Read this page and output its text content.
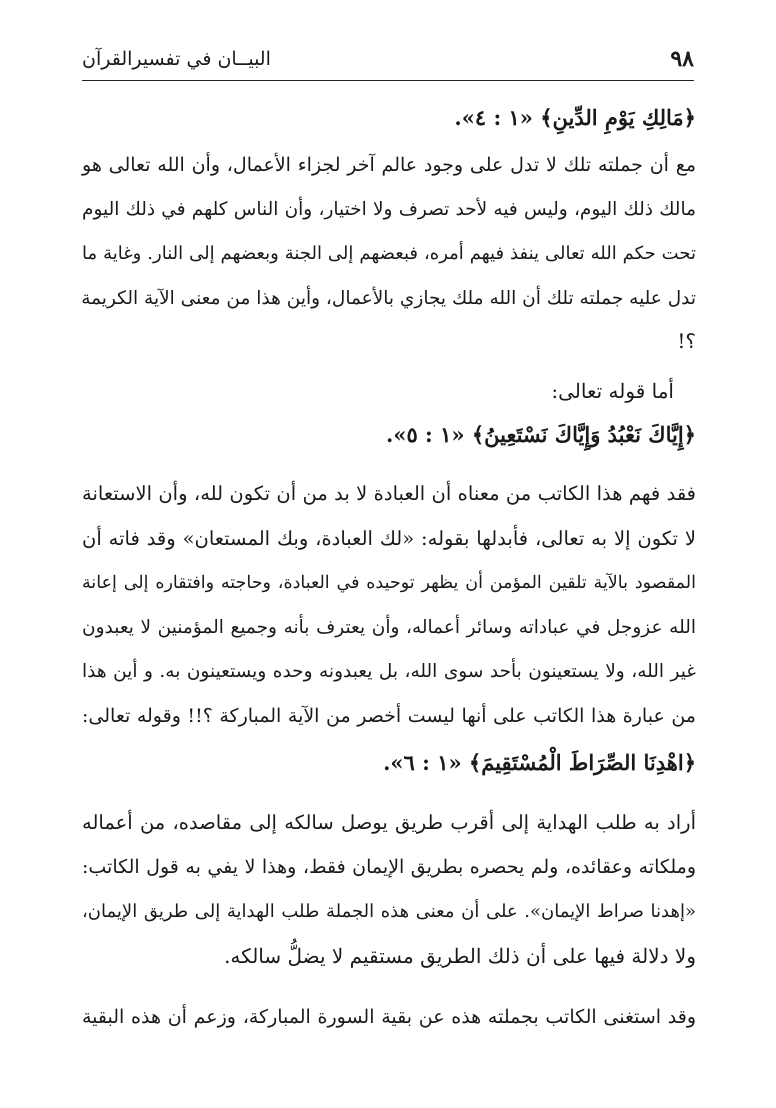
٩٨
البيــان في تفسيرالقرآن
﴿مَالِكِ يَوْمِ الدِّينِ﴾ «١ : ٤».
مع أن جملته تلك لا تدل على وجود عالم آخر لجزاء الأعمال، وأن الله تعالى هو
مالك ذلك اليوم، وليس فيه لأحد تصرف ولا اختيار، وأن الناس كلهم في ذلك اليوم
تحت حكم الله تعالى ينفذ فيهم أمره، فبعضهم إلى الجنة وبعضهم إلى النار. وغاية ما
تدل عليه جملته تلك أن الله ملك يجازي بالأعمال، وأين هذا من معنى الآية الكريمة
؟!
أما قوله تعالى:
﴿إِيَّاكَ نَعْبُدُ وَإِيَّاكَ نَسْتَعِينُ﴾ «١ : ٥».
فقد فهم هذا الكاتب من معناه أن العبادة لا بد من أن تكون لله، وأن الاستعانة
لا تكون إلا به تعالى، فأبدلها بقوله: «لك العبادة، وبك المستعان» وقد فاته أن
المقصود بالآية تلقين المؤمن أن يظهر توحيده في العبادة، وحاجته وافتقاره إلى إعانة
الله عزوجل في عباداته وسائر أعماله، وأن يعترف بأنه وجميع المؤمنين لا يعبدون
غير الله، ولا يستعينون بأحد سوى الله، بل يعبدونه وحده ويستعينون به. و أين هذا
من عبارة هذا الكاتب على أنها ليست أخصر من الآية المباركة ؟!! وقوله تعالى:
﴿اهْدِنَا الصِّرَاطَ الْمُسْتَقِيمَ﴾ «١ : ٦».
أراد به طلب الهداية إلى أقرب طريق يوصل سالكه إلى مقاصده، من أعماله
وملكاته وعقائده، ولم يحصره بطريق الإيمان فقط، وهذا لا يفي به قول الكاتب:
«إهدنا صراط الإيمان». على أن معنى هذه الجملة طلب الهداية إلى طريق الإيمان،
ولا دلالة فيها على أن ذلك الطريق مستقيم لا يضلُّ سالكه.
وقد استغنى الكاتب بجملته هذه عن بقية السورة المباركة، وزعم أن هذه البقية
